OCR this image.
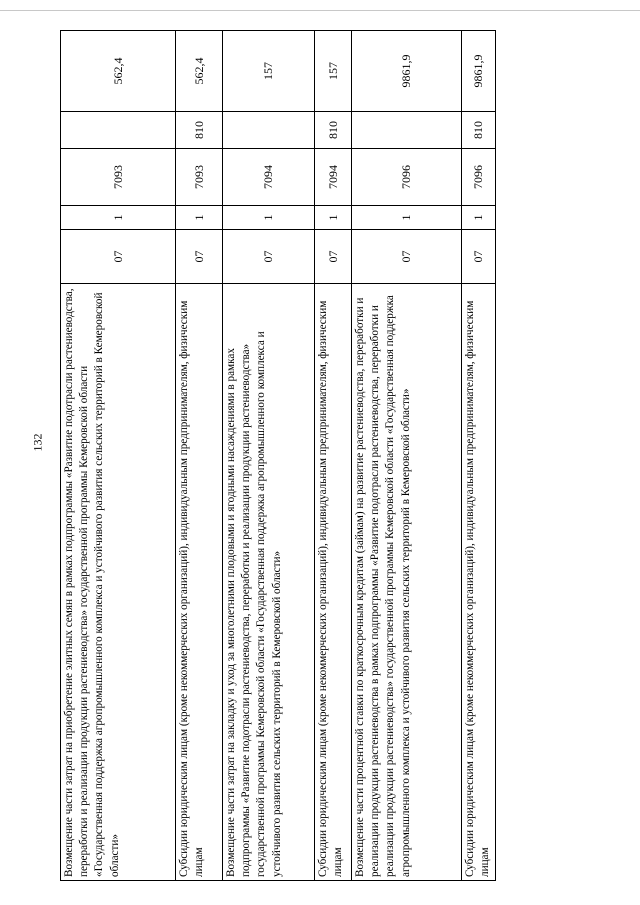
132 Возмещение части затрат на приобретение элитных семян в рамках подпрограммы «Развитие подотрасли растениеводства, переработки и реализации продукции растениеводства» государственной программы Кемеровской области «Государственная поддержка агропромышленного комплекса и устойчивого развития сельских территорий в Кемеровской области»	07	1	7093		562,4
Субсидии юридическим лицам (кроме некоммерческих организаций), индивидуальным предпринимателям, физическим лицам	07	1	7093	810	562,4
Возмещение части затрат на закладку и уход за многолетними плодовыми и ягодными насаждениями в рамках подпрограммы «Развитие подотрасли растениеводства, переработки и реализации продукции растениеводства» государственной программы Кемеровской области «Государственная поддержка агропромышленного комплекса и устойчивого развития сельских территорий в Кемеровской области»	07	1	7094		157
Субсидии юридическим лицам (кроме некоммерческих организаций), индивидуальным предпринимателям, физическим лицам	07	1	7094	810	157
Возмещение части процентной ставки по краткосрочным кредитам (займам) на развитие растениеводства, переработки и реализации продукции растениеводства в рамках подпрограммы «Развитие подотрасли растениеводства, переработки и реализации продукции растениеводства» государственной программы Кемеровской области «Государственная поддержка агропромышленного комплекса и устойчивого развития сельских территорий в Кемеровской области»	07	1	7096		9861,9
Субсидии юридическим лицам (кроме некоммерческих организаций), индивидуальным предпринимателям, физическим лицам	07	1	7096	810	9861,9
